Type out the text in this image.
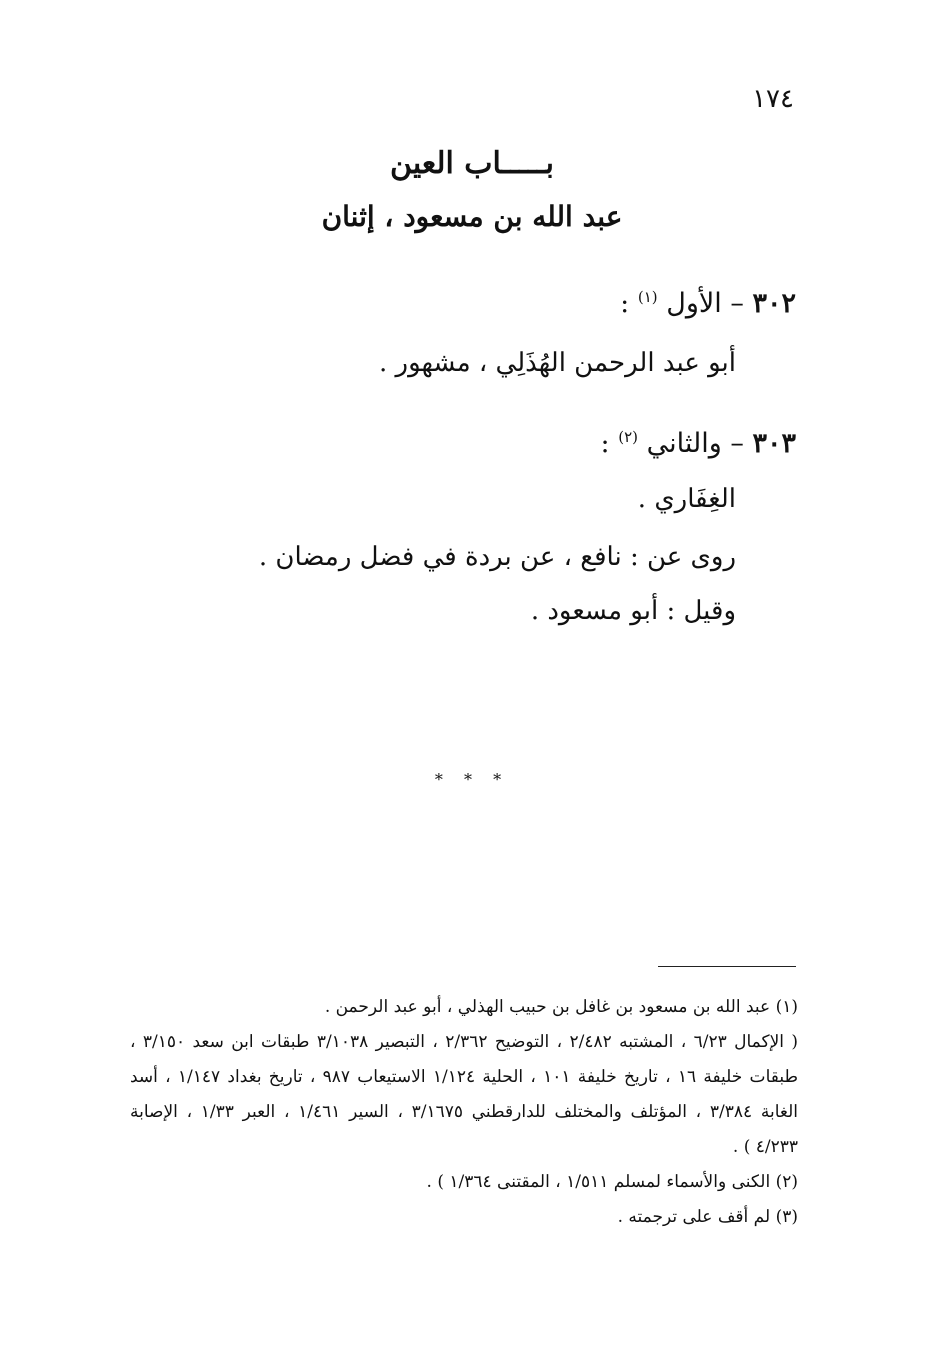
١٧٤
بـــــاب العين
عبد الله بن مسعود ، إثنان
٣٠٢ – الأول $^{(١)}$ :
أبو عبد الرحمن الهُذَلِي ، مشهور .
٣٠٣ – والثاني $^{(٢)}$ :
الغِفَاري .
روى عن : نافع ، عن بردة في فضل رمضان .
وقيل : أبو مسعود .
* * *

(١) عبد الله بن مسعود بن غافل بن حبيب الهذلي ، أبو عبد الرحمن .

( الإكمال ٦/٢٣ ، المشتبه ٢/٤٨٢ ، التوضيح ٢/٣٦٢ ، التبصير ٣/١٠٣٨ طبقات ابن سعد ٣/١٥٠ ، طبقات خليفة ١٦ ، تاريخ خليفة ١٠١ ، الحلية ١/١٢٤ الاستيعاب ٩٨٧ ، تاريخ بغداد ١/١٤٧ ، أسد الغابة ٣/٣٨٤ ، المؤتلف والمختلف للدارقطني ٣/١٦٧٥ ، السير ١/٤٦١ ، العبر ١/٣٣ ، الإصابة ٤/٢٣٣ ) .

(٢) الكنى والأسماء لمسلم ١/٥١١ ، المقتنى ١/٣٦٤ ) .

(٣) لم أقف على ترجمته .
